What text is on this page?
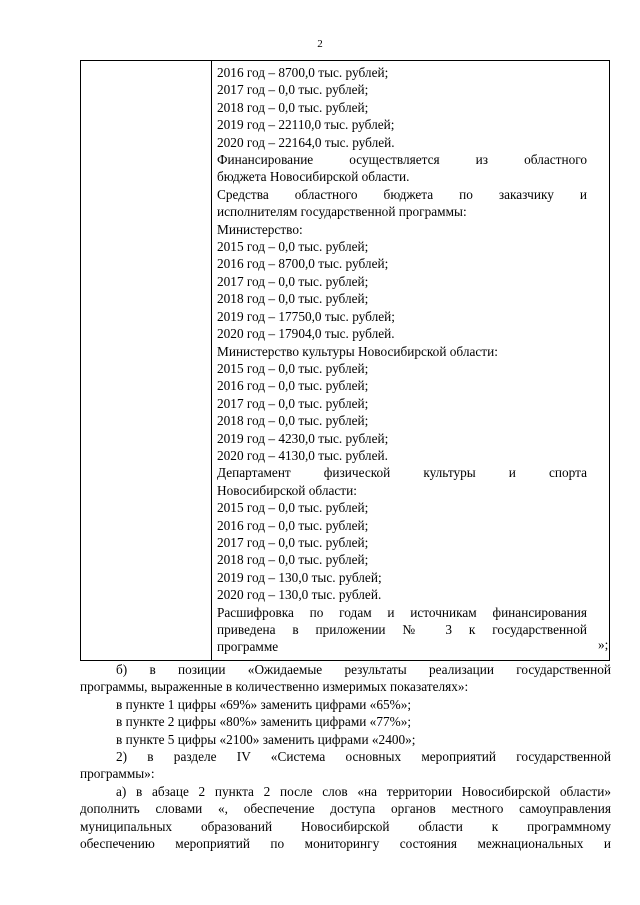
2
2016 год – 8700,0 тыс. рублей;
2017 год – 0,0 тыс. рублей;
2018 год – 0,0 тыс. рублей;
2019 год – 22110,0 тыс. рублей;
2020 год – 22164,0 тыс. рублей.
Финансирование осуществляется из областного
бюджета Новосибирской области.
Средства областного бюджета по заказчику и
исполнителям государственной программы:
Министерство:
2015 год – 0,0 тыс. рублей;
2016 год – 8700,0 тыс. рублей;
2017 год – 0,0 тыс. рублей;
2018 год – 0,0 тыс. рублей;
2019 год – 17750,0 тыс. рублей;
2020 год – 17904,0 тыс. рублей.
Министерство культуры Новосибирской области:
2015 год – 0,0 тыс. рублей;
2016 год – 0,0 тыс. рублей;
2017 год – 0,0 тыс. рублей;
2018 год – 0,0 тыс. рублей;
2019 год – 4230,0 тыс. рублей;
2020 год – 4130,0 тыс. рублей.
Департамент физической культуры и спорта
Новосибирской области:
2015 год – 0,0 тыс. рублей;
2016 год – 0,0 тыс. рублей;
2017 год – 0,0 тыс. рублей;
2018 год – 0,0 тыс. рублей;
2019 год – 130,0 тыс. рублей;
2020 год – 130,0 тыс. рублей.
Расшифровка по годам и источникам финансирования
приведена в приложении № 3 к государственной
программе	»;
б) в позиции «Ожидаемые результаты реализации государственной
программы, выраженные в количественно измеримых показателях»:
в пункте 1 цифры «69%» заменить цифрами «65%»;
в пункте 2 цифры «80%» заменить цифрами «77%»;
в пункте 5 цифры «2100» заменить цифрами «2400»;
2) в разделе IV «Система основных мероприятий государственной
программы»:
а) в абзаце 2 пункта 2 после слов «на территории Новосибирской области»
дополнить словами «, обеспечение доступа органов местного самоуправления
муниципальных образований Новосибирской области к программному
обеспечению мероприятий по мониторингу состояния межнациональных и
